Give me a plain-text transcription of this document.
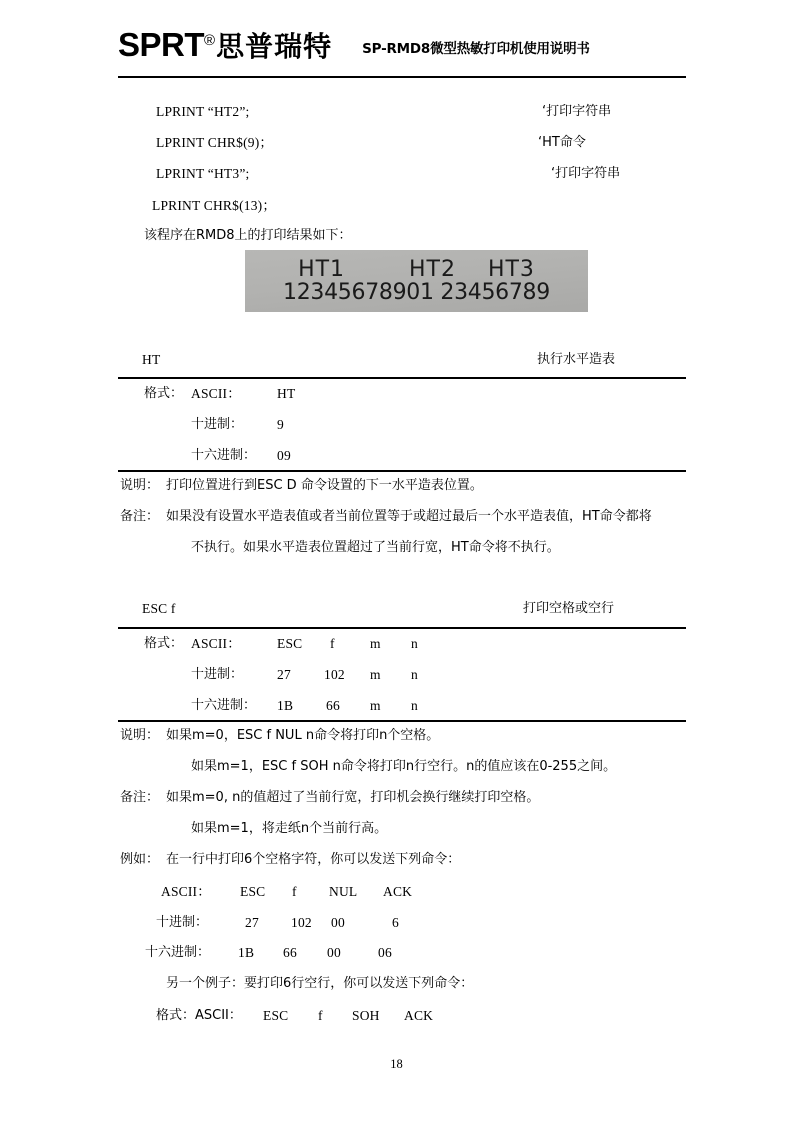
SPRT ® 思普瑞特 SP-RMD8微型热敏打印机使用说明书
LPRINT “HT2”;	‘打印字符串
LPRINT CHR$(9)；	‘HT命令
LPRINT “HT3”;	‘打印字符串
LPRINT CHR$(13)；
该程序在RMD8上的打印结果如下：
HT1        HT2    HT3
12345678901 23456789
HT	执行水平造表
格式： ASCII：	HT
十进制：	9
十六进制： 09
说明： 打印位置进行到ESC D 命令设置的下一水平造表位置。
备注： 如果没有设置水平造表值或者当前位置等于或超过最后一个水平造表值，HT命令都将
不执行。如果水平造表位置超过了当前行宽，HT命令将不执行。
ESC f	打印空格或空行
格式： ASCII：	ESC f	m n
十进制：	27 102 m n
十六进制： 1B 66 m n
说明： 如果m=0，ESC f NUL n命令将打印n个空格。
如果m=1，ESC f SOH n命令将打印n行空行。n的值应该在0-255之间。
备注： 如果m=0, n的值超过了当前行宽，打印机会换行继续打印空格。
如果m=1，将走纸n个当前行高。
例如： 在一行中打印6个空格字符，你可以发送下列命令：
ASCII： ESC f NUL ACK
十进制：	27 102 00	6
十六进制： 1B 66 00	06
另一个例子：要打印6行空行，你可以发送下列命令：
格式：ASCII： ESC f SOH ACK
18
